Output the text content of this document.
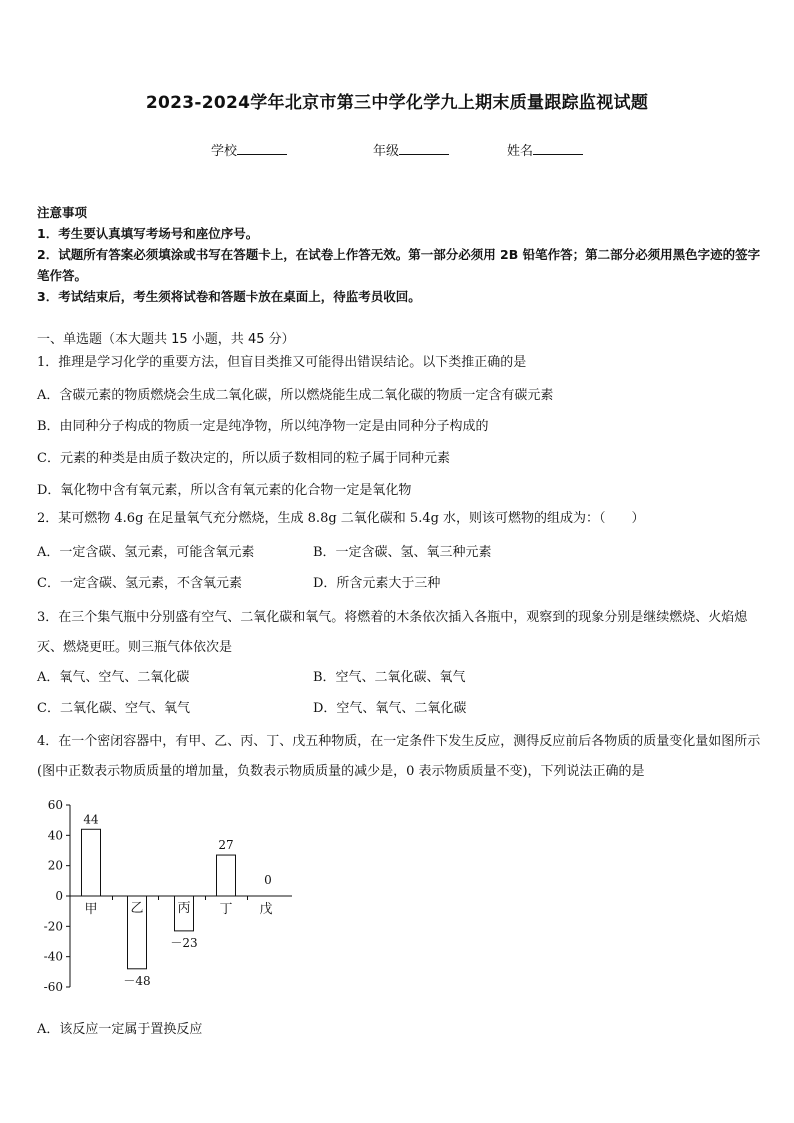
2023-2024学年北京市第三中学化学九上期末质量跟踪监视试题
学校	年级	姓名
注意事项
1．考生要认真填写考场号和座位序号。
2．试题所有答案必须填涂或书写在答题卡上，在试卷上作答无效。第一部分必须用 2B 铅笔作答；第二部分必须用黑色字迹的签字笔作答。
3．考试结束后，考生须将试卷和答题卡放在桌面上，待监考员收回。
一、单选题（本大题共 15 小题，共 45 分）
1．推理是学习化学的重要方法，但盲目类推又可能得出错误结论。以下类推正确的是
A．含碳元素的物质燃烧会生成二氧化碳，所以燃烧能生成二氧化碳的物质一定含有碳元素
B．由同种分子构成的物质一定是纯净物，所以纯净物一定是由同种分子构成的
C．元素的种类是由质子数决定的，所以质子数相同的粒子属于同种元素
D．氧化物中含有氧元素，所以含有氧元素的化合物一定是氧化物
2．某可燃物 4.6g 在足量氧气充分燃烧，生成 8.8g 二氧化碳和 5.4g 水，则该可燃物的组成为：（　　）
A．一定含碳、氢元素，可能含氧元素	B．一定含碳、氢、氧三种元素
C．一定含碳、氢元素，不含氧元素	D．所含元素大于三种
3．在三个集气瓶中分别盛有空气、二氧化碳和氧气。将燃着的木条依次插入各瓶中，观察到的现象分别是继续燃烧、火焰熄灭、燃烧更旺。则三瓶气体依次是
A．氧气、空气、二氧化碳	B．空气、二氧化碳、氧气
C．二氧化碳、空气、氧气	D．空气、氧气、二氧化碳
4．在一个密闭容器中，有甲、乙、丙、丁、戊五种物质，在一定条件下发生反应，测得反应前后各物质的质量变化量如图所示(图中正数表示物质质量的增加量，负数表示物质质量的减少是，0 表示物质质量不变)，下列说法正确的是
60
40
20
0
-20
-40
-60
甲
44
乙
－48
丙
－23
丁
27
戊
0
A．该反应一定属于置换反应
